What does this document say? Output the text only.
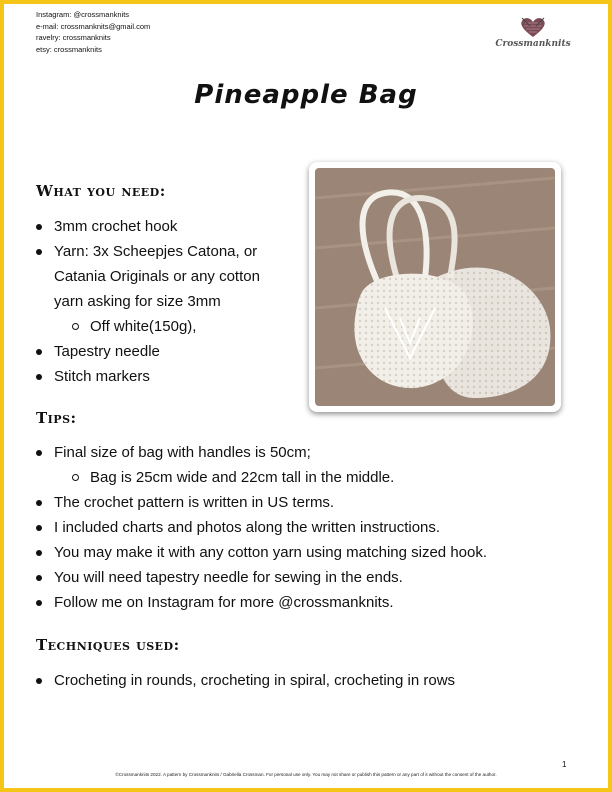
Instagram: @crossmanknits
e-mail: crossmanknits@gmail.com
ravelry: crossmanknits
etsy: crossmanknits	Crossmanknits
Pineapple Bag
What you need:
3mm crochet hook
Yarn: 3x Scheepjes Catona, or
Catania Originals or any cotton
yarn asking for size 3mm
Off white(150g),
Tapestry needle
Stitch markers
Tips:
Final size of bag with handles is 50cm;
Bag is 25cm wide and 22cm tall in the middle.
The crochet pattern is written in US terms.
I included charts and photos along the written instructions.
You may make it with any cotton yarn using matching sized hook.
You will need tapestry needle for sewing in the ends.
Follow me on Instagram for more @crossmanknits.
Techniques used:
Crocheting in rounds, crocheting in spiral, crocheting in rows
1
©Crossmanknits 2022. A pattern by Crossmanknits / Gabriella Crossman. For personal use only. You may not share or publish this pattern or any part of it without the consent of the author.
